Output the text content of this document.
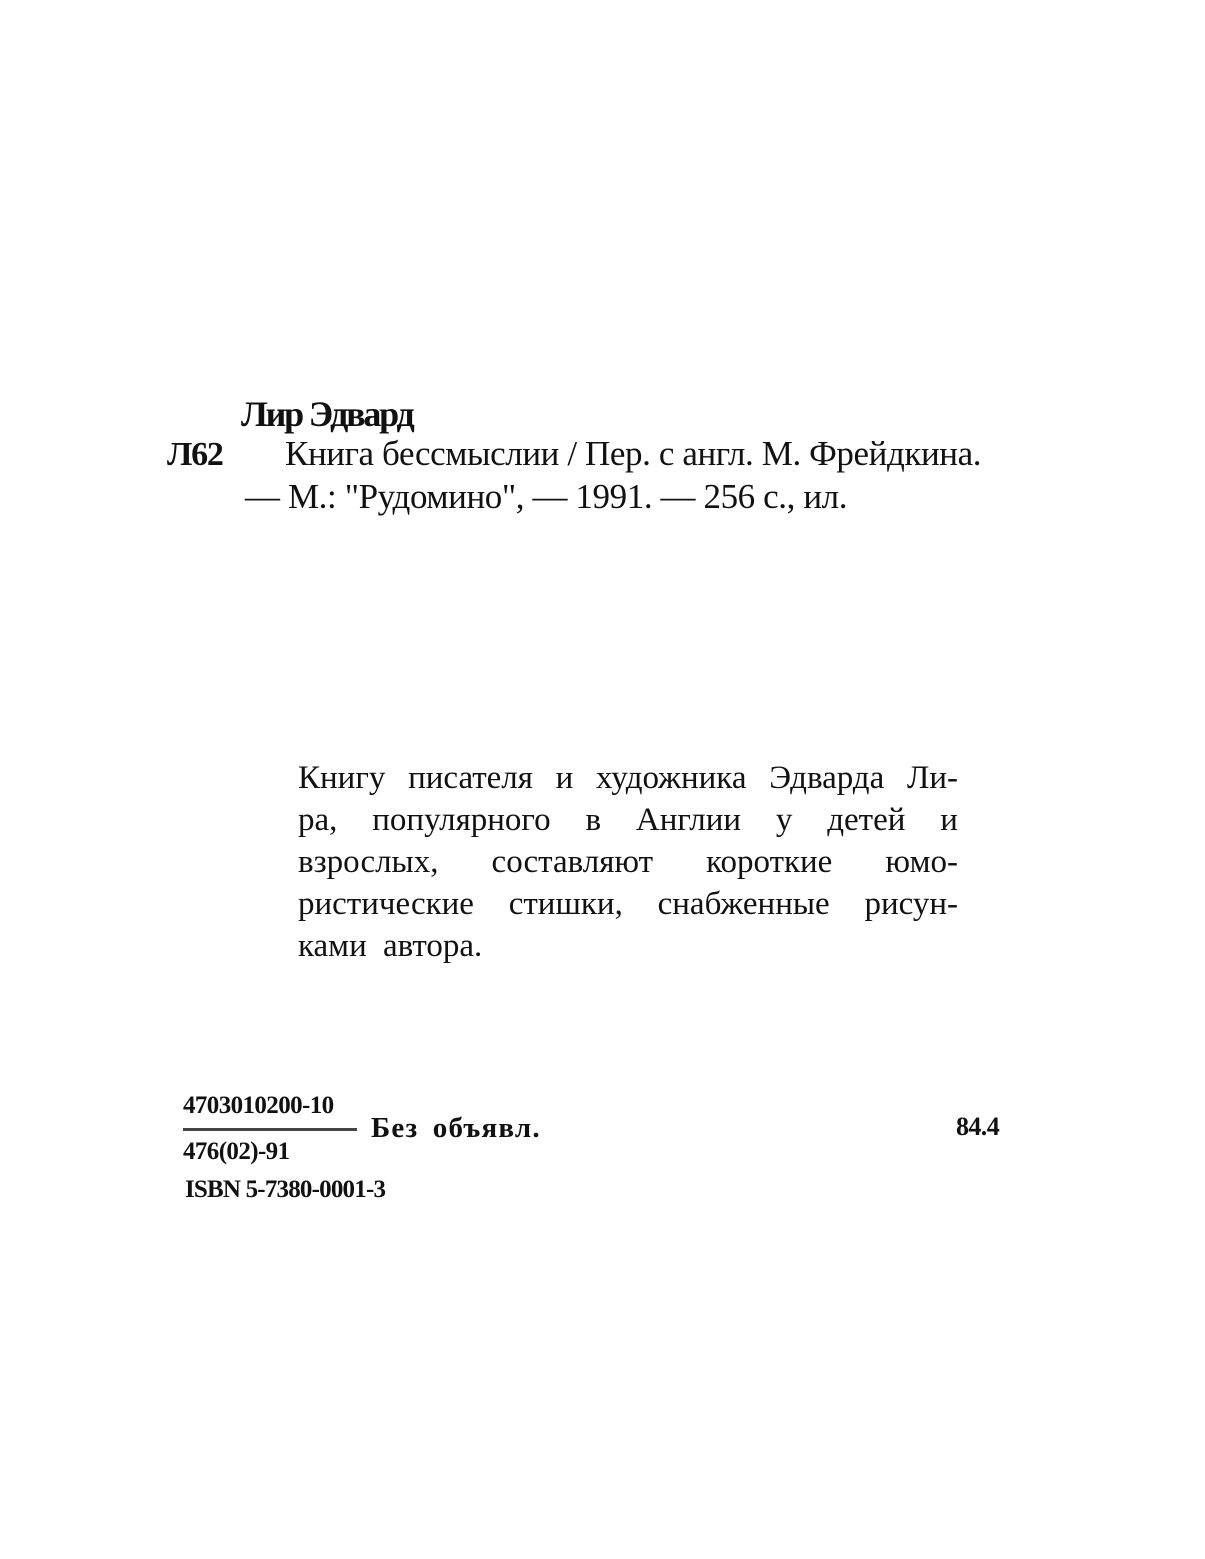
Лир Эдвард
Л62 Книга бессмыслии / Пер. с англ. М. Фрейдкина.
— М.: "Рудомино", — 1991. — 256 с., ил.
Книгу писателя и художника Эдварда Ли-
ра, популярного в Англии у детей и
взрослых, составляют короткие юмо-
ристические стишки, снабженные рисун-
ками автора.
4703010200-10
476(02)-91
ISBN 5-7380-0001-3
Без объявл.	84.4
